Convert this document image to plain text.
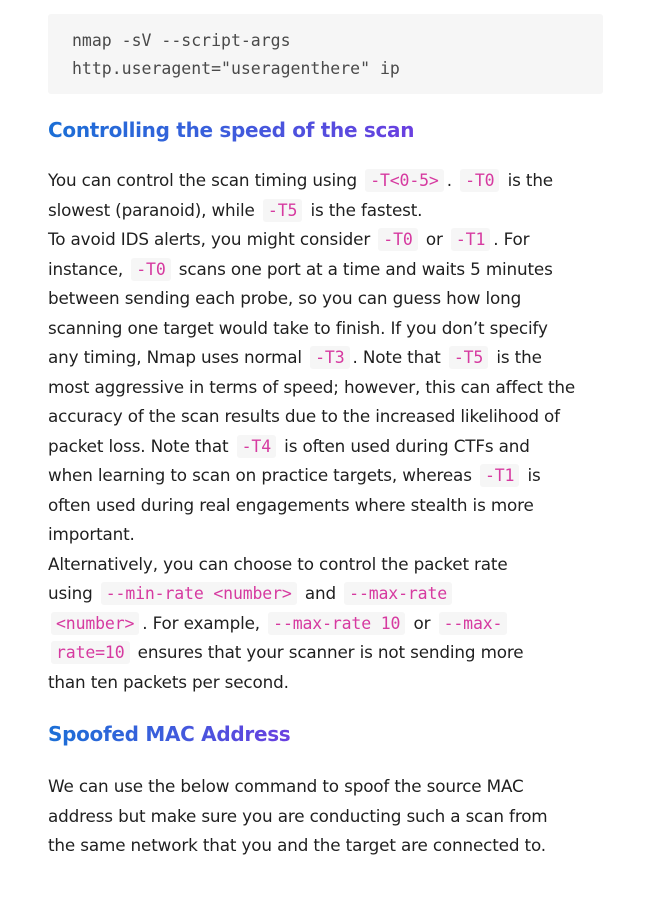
nmap -sV --script-args
http.useragent="useragenthere" ip
Controlling the speed of the scan
You can control the scan timing using -T<0-5> . -T0 is the
slowest (paranoid), while -T5 is the fastest.
To avoid IDS alerts, you might consider -T0 or -T1 . For
instance, -T0 scans one port at a time and waits 5 minutes
between sending each probe, so you can guess how long
scanning one target would take to finish. If you don’t specify
any timing, Nmap uses normal -T3 . Note that -T5 is the
most aggressive in terms of speed; however, this can affect the
accuracy of the scan results due to the increased likelihood of
packet loss. Note that -T4 is often used during CTFs and
when learning to scan on practice targets, whereas -T1 is
often used during real engagements where stealth is more
important.
Alternatively, you can choose to control the packet rate
using --min-rate <number> and --max-rate
<number> . For example, --max-rate 10 or --max-
rate=10 ensures that your scanner is not sending more
than ten packets per second.
Spoofed MAC Address
We can use the below command to spoof the source MAC
address but make sure you are conducting such a scan from
the same network that you and the target are connected to.
